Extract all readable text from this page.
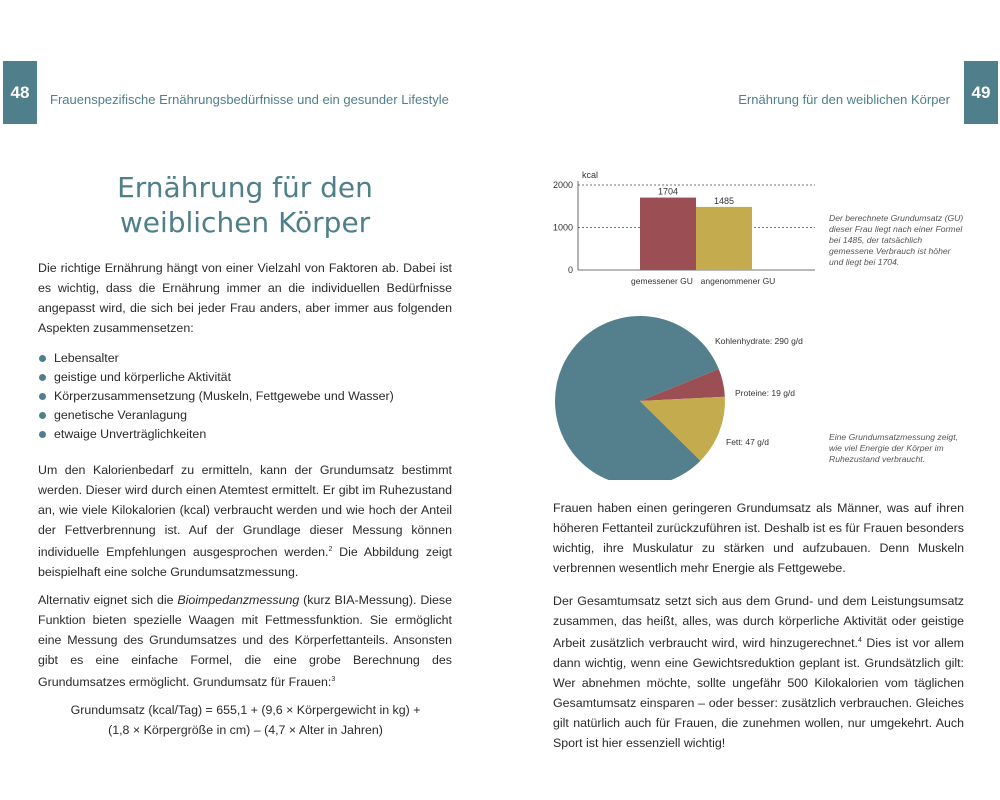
48	Frauenspezifische Ernährungsbedürfnisse und ein gesunder Lifestyle	Ernährung für den weiblichen Körper	49
Ernährung für den
weiblichen Körper

Die richtige Ernährung hängt von einer Vielzahl von Faktoren ab. Dabei ist es wichtig, dass die Ernährung immer an die individuellen Bedürfnisse angepasst wird, die sich bei jeder Frau anders, aber immer aus folgenden Aspekten zusammensetzen:

Lebensalter
geistige und körperliche Aktivität
Körperzusammensetzung (Muskeln, Fettgewebe und Wasser)
genetische Veranlagung
etwaige Unverträglichkeiten

Um den Kalorienbedarf zu ermitteln, kann der Grundumsatz bestimmt werden. Dieser wird durch einen Atemtest ermittelt. Er gibt im Ruhezustand an, wie viele Kilokalorien (kcal) verbraucht werden und wie hoch der Anteil der Fettverbrennung ist. Auf der Grundlage dieser Messung können individuelle Empfehlungen ausgesprochen werden.$^2$ Die Abbildung zeigt beispielhaft eine solche Grundumsatzmessung.

Alternativ eignet sich die Bioimpedanzmessung (kurz BIA-Messung). Diese Funktion bieten spezielle Waagen mit Fettmessfunktion. Sie ermöglicht eine Messung des Grundumsatzes und des Körperfettanteils. Ansonsten gibt es eine einfache Formel, die eine grobe Berechnung des Grundumsatzes ermöglicht. Grundumsatz für Frauen:$^3$

Grundumsatz (kcal/Tag) = 655,1 + (9,6 × Körpergewicht in kg) +
(1,8 × Körpergröße in cm) – (4,7 × Alter in Jahren)
kcal
0
1000
2000
1704
gemessener GU
1485
angenommener GU
Der berechnete Grundumsatz (GU) dieser Frau liegt nach einer Formel bei 1485, der tatsächlich gemessene Verbrauch ist höher und liegt bei 1704.
Kohlenhydrate: 290 g/d
Proteine: 19 g/d
Fett: 47 g/d	Eine Grundumsatzmessung zeigt, wie viel Energie der Körper im Ruhezustand verbraucht.

Frauen haben einen geringeren Grundumsatz als Männer, was auf ihren höheren Fettanteil zurückzuführen ist. Deshalb ist es für Frauen besonders wichtig, ihre Muskulatur zu stärken und aufzubauen. Denn Muskeln verbrennen wesentlich mehr Energie als Fettgewebe.

Der Gesamtumsatz setzt sich aus dem Grund- und dem Leistungsumsatz zusammen, das heißt, alles, was durch körperliche Aktivität oder geistige Arbeit zusätzlich verbraucht wird, wird hinzugerechnet.$^4$ Dies ist vor allem dann wichtig, wenn eine Gewichtsreduktion geplant ist. Grundsätzlich gilt: Wer abnehmen möchte, sollte ungefähr 500 Kilokalorien vom täglichen Gesamtumsatz einsparen – oder besser: zusätzlich verbrauchen. Gleiches gilt natürlich auch für Frauen, die zunehmen wollen, nur umgekehrt. Auch Sport ist hier essenziell wichtig!
